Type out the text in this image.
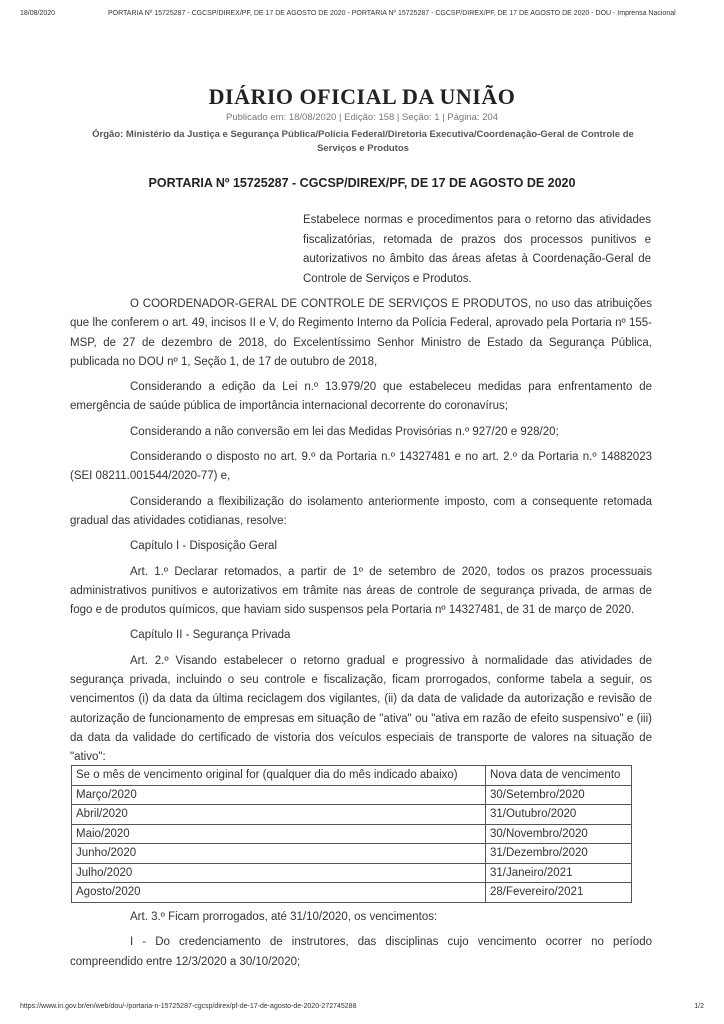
18/08/2020	PORTARIA Nº 15725287 - CGCSP/DIREX/PF, DE 17 DE AGOSTO DE 2020 - PORTARIA Nº 15725287 - CGCSP/DIREX/PF, DE 17 DE AGOSTO DE 2020 - DOU - Imprensa Nacional
DIÁRIO OFICIAL DA UNIÃO
Publicado em: 18/08/2020 | Edição: 158 | Seção: 1 | Página: 204
Órgão: Ministério da Justiça e Segurança Pública/Polícia Federal/Diretoria Executiva/Coordenação-Geral de Controle de Serviços e Produtos
PORTARIA Nº 15725287 - CGCSP/DIREX/PF, DE 17 DE AGOSTO DE 2020
Estabelece normas e procedimentos para o retorno das atividades fiscalizatórias, retomada de prazos dos processos punitivos e autorizativos no âmbito das áreas afetas à Coordenação-Geral de Controle de Serviços e Produtos.

O COORDENADOR-GERAL DE CONTROLE DE SERVIÇOS E PRODUTOS, no uso das atribuições que lhe conferem o art. 49, incisos II e V, do Regimento Interno da Polícia Federal, aprovado pela Portaria nº 155-MSP, de 27 de dezembro de 2018, do Excelentíssimo Senhor Ministro de Estado da Segurança Pública, publicada no DOU nº 1, Seção 1, de 17 de outubro de 2018,

Considerando a edição da Lei n.º 13.979/20 que estabeleceu medidas para enfrentamento de emergência de saúde pública de importância internacional decorrente do coronavírus;

Considerando a não conversão em lei das Medidas Provisórias n.º 927/20 e 928/20;

Considerando o disposto no art. 9.º da Portaria n.º 14327481 e no art. 2.º da Portaria n.º 14882023 (SEI 08211.001544/2020-77) e,

Considerando a flexibilização do isolamento anteriormente imposto, com a consequente retomada gradual das atividades cotidianas, resolve:

Capítulo I - Disposição Geral

Art. 1.º Declarar retomados, a partir de 1º de setembro de 2020, todos os prazos processuais administrativos punitivos e autorizativos em trâmite nas áreas de controle de segurança privada, de armas de fogo e de produtos químicos, que haviam sido suspensos pela Portaria nº 14327481, de 31 de março de 2020.

Capítulo II - Segurança Privada

Art. 2.º Visando estabelecer o retorno gradual e progressivo à normalidade das atividades de segurança privada, incluindo o seu controle e fiscalização, ficam prorrogados, conforme tabela a seguir, os vencimentos (i) da data da última reciclagem dos vigilantes, (ii) da data de validade da autorização e revisão de autorização de funcionamento de empresas em situação de "ativa" ou "ativa em razão de efeito suspensivo" e (iii) da data da validade do certificado de vistoria dos veículos especiais de transporte de valores na situação de "ativo":

Se o mês de vencimento original for (qualquer dia do mês indicado abaixo)	Nova data de vencimento
Março/2020	30/Setembro/2020
Abril/2020	31/Outubro/2020
Maio/2020	30/Novembro/2020
Junho/2020	31/Dezembro/2020
Julho/2020	31/Janeiro/2021
Agosto/2020	28/Fevereiro/2021

Art. 3.º Ficam prorrogados, até 31/10/2020, os vencimentos:

I - Do credenciamento de instrutores, das disciplinas cujo vencimento ocorrer no período compreendido entre 12/3/2020 a 30/10/2020;

https://www.in.gov.br/en/web/dou/-/portaria-n-15725287-cgcsp/direx/pf-de-17-de-agosto-de-2020-272745288	1/2
